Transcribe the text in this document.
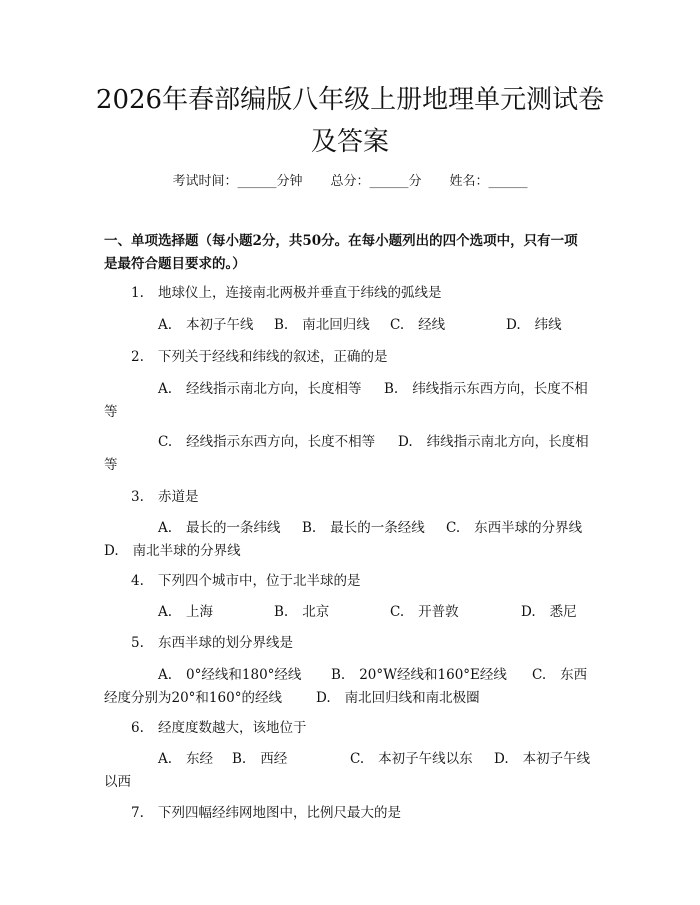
2026年春部编版八年级上册地理单元测试卷
及答案
考试时间：______分钟 总分：______分 姓名：______
一、单项选择题（每小题2分，共50分。在每小题列出的四个选项中，只有一项
是最符合题目要求的。）
1. 地球仪上，连接南北两极并垂直于纬线的弧线是
A. 本初子午线 B. 南北回归线 C. 经线	D. 纬线
2. 下列关于经线和纬线的叙述，正确的是
A. 经线指示南北方向，长度相等 B. 纬线指示东西方向，长度不相
等
C. 经线指示东西方向，长度不相等 D. 纬线指示南北方向，长度相
等
3. 赤道是
A. 最长的一条纬线 B. 最长的一条经线 C. 东西半球的分界线
D. 南北半球的分界线
4. 下列四个城市中，位于北半球的是
A. 上海	B. 北京	C. 开普敦	D. 悉尼
5. 东西半球的划分界线是
A. 0°经线和180°经线 B. 20°W经线和160°E经线 C. 东西
经度分别为20°和160°的经线	D. 南北回归线和南北极圈
6. 经度度数越大，该地位于
A. 东经 B. 西经	C. 本初子午线以东 D. 本初子午线
以西
7. 下列四幅经纬网地图中，比例尺最大的是
